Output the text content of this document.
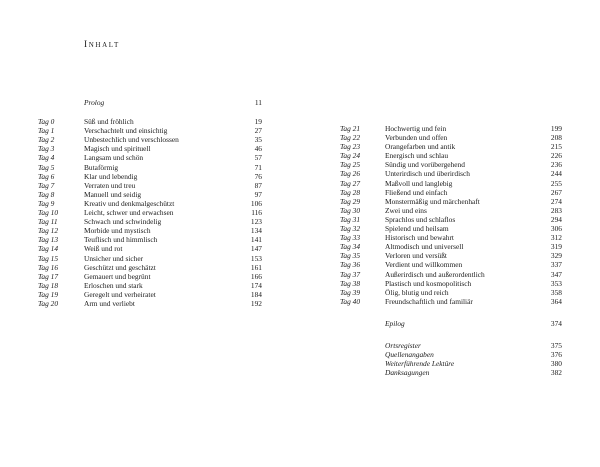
Inhalt
Prolog	11
Tag 0	Süß und fröhlich	19
Tag 1	Verschachtelt und einsichtig	27
Tag 2	Unbestechlich und verschlossen	35
Tag 3	Magisch und spirituell	46
Tag 4	Langsam und schön	57
Tag 5	Butaförmig	71
Tag 6	Klar und lebendig	76
Tag 7	Verraten und treu	87
Tag 8	Manuell und seidig	97
Tag 9	Kreativ und denkmalgeschützt	106
Tag 10	Leicht, schwer und erwachsen	116
Tag 11	Schwach und schwindelig	123
Tag 12	Morbide und mystisch	134
Tag 13	Teuflisch und himmlisch	141
Tag 14	Weiß und rot	147
Tag 15	Unsicher und sicher	153
Tag 16	Geschützt und geschätzt	161
Tag 17	Gemauert und begrünt	166
Tag 18	Erloschen und stark	174
Tag 19	Geregelt und verheiratet	184
Tag 20	Arm und verliebt	192
Tag 21	Hochwertig und fein	199
Tag 22	Verbunden und offen	208
Tag 23	Orangefarben und antik	215
Tag 24	Energisch und schlau	226
Tag 25	Sündig und vorübergehend	236
Tag 26	Unterirdisch und überirdisch	244
Tag 27	Maßvoll und langlebig	255
Tag 28	Fließend und einfach	267
Tag 29	Monstermäßig und märchenhaft	274
Tag 30	Zwei und eins	283
Tag 31	Sprachlos und schlaflos	294
Tag 32	Spielend und heilsam	306
Tag 33	Historisch und bewahrt	312
Tag 34	Altmodisch und universell	319
Tag 35	Verloren und versüßt	329
Tag 36	Verdient und willkommen	337
Tag 37	Außerirdisch und außerordentlich	347
Tag 38	Plastisch und kosmopolitisch	353
Tag 39	Ölig, blutig und reich	358
Tag 40	Freundschaftlich und familiär	364
Epilog	374
Ortsregister	375
Quellenangaben	376
Weiterführende Lektüre	380
Danksagungen	382
